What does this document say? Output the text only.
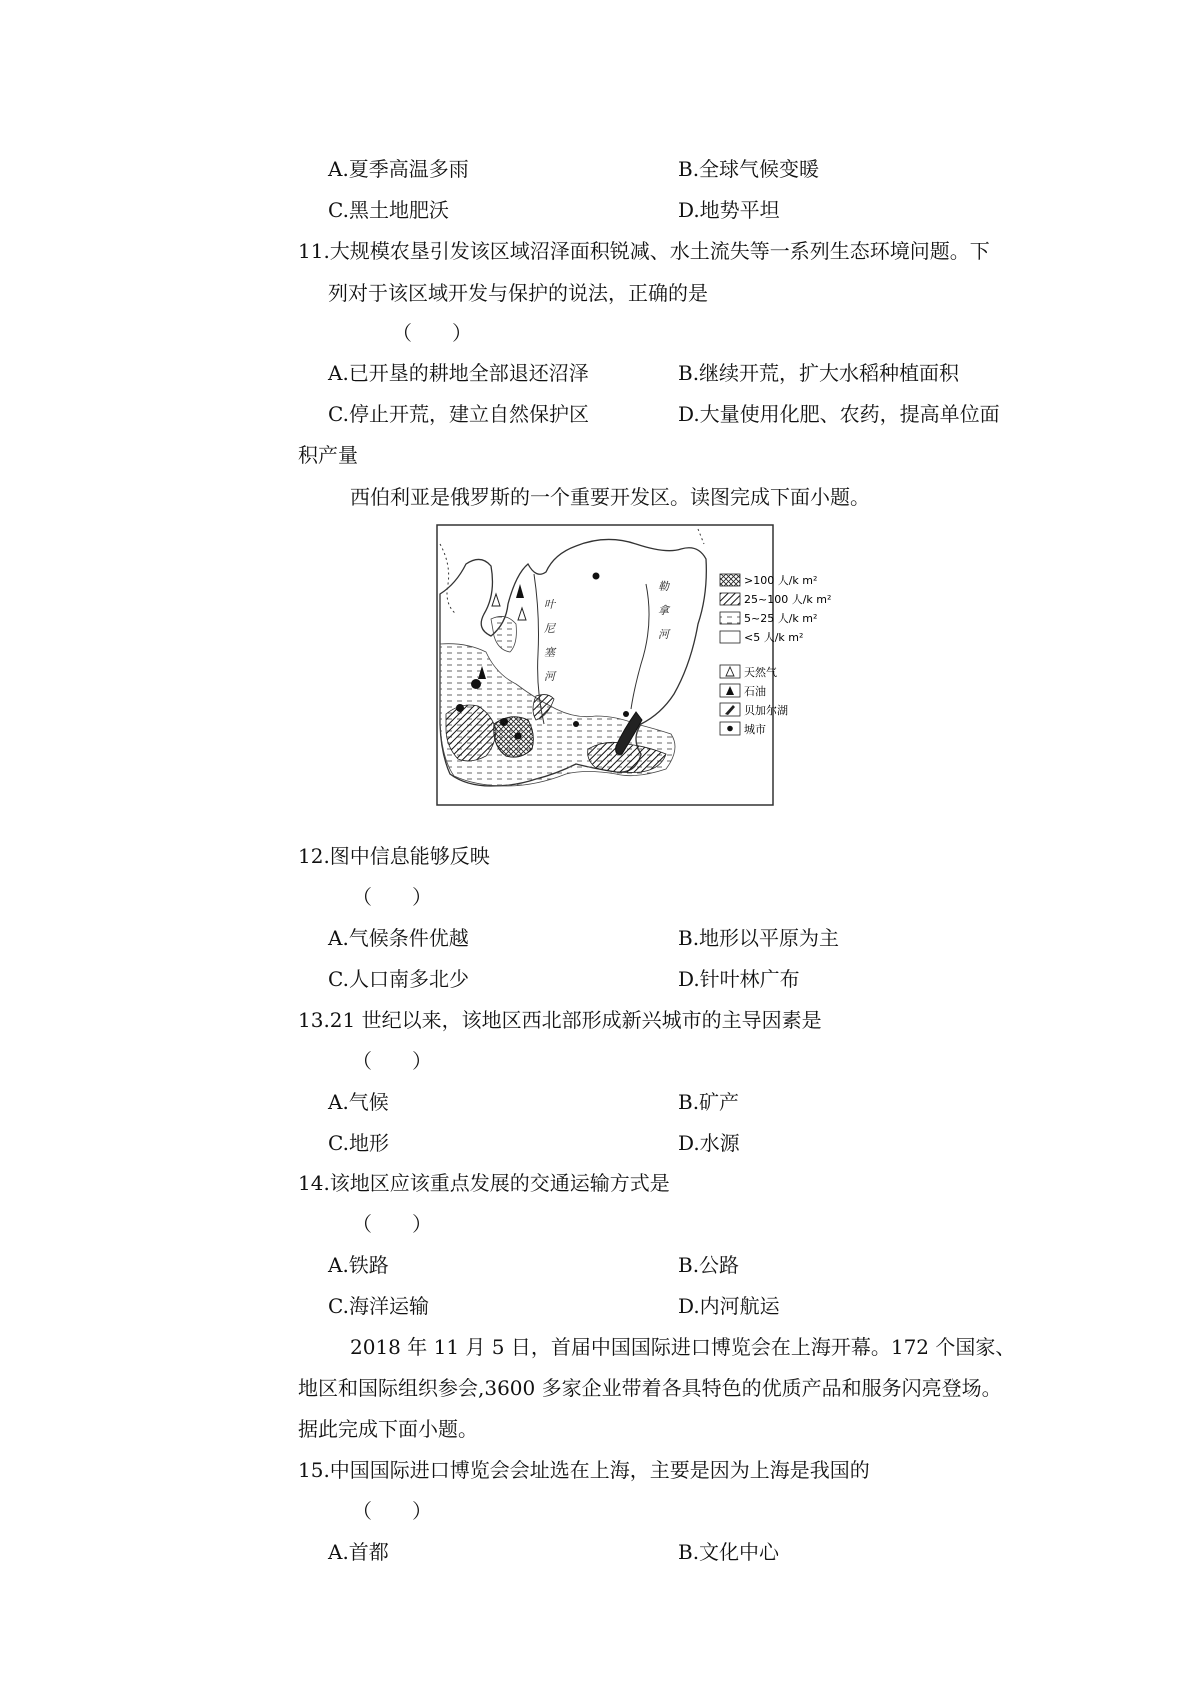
A.夏季高温多雨	B.全球气候变暖
C.黑土地肥沃	D.地势平坦
11.大规模农垦引发该区域沼泽面积锐减、水土流失等一系列生态环境问题。下
列对于该区域开发与保护的说法，正确的是
（　　）
A.已开垦的耕地全部退还沼泽	B.继续开荒，扩大水稻种植面积
C.停止开荒，建立自然保护区	D.大量使用化肥、农药，提高单位面
积产量
西伯利亚是俄罗斯的一个重要开发区。读图完成下面小题。
叶
尼
塞
河
勒
拿
河
>100 人/k m²
25~100 人/k m²
5~25 人/k m²
<5 人/k m²
天然气
石油
贝加尔湖
城市
12.图中信息能够反映
（　　）
A.气候条件优越	B.地形以平原为主
C.人口南多北少	D.针叶林广布
13.21 世纪以来，该地区西北部形成新兴城市的主导因素是
（　　）
A.气候	B.矿产
C.地形	D.水源
14.该地区应该重点发展的交通运输方式是
（　　）
A.铁路	B.公路
C.海洋运输	D.内河航运
2018 年 11 月 5 日，首届中国国际进口博览会在上海开幕。172 个国家、
地区和国际组织参会,3600 多家企业带着各具特色的优质产品和服务闪亮登场。
据此完成下面小题。
15.中国国际进口博览会会址选在上海，主要是因为上海是我国的
（　　）
A.首都	B.文化中心
